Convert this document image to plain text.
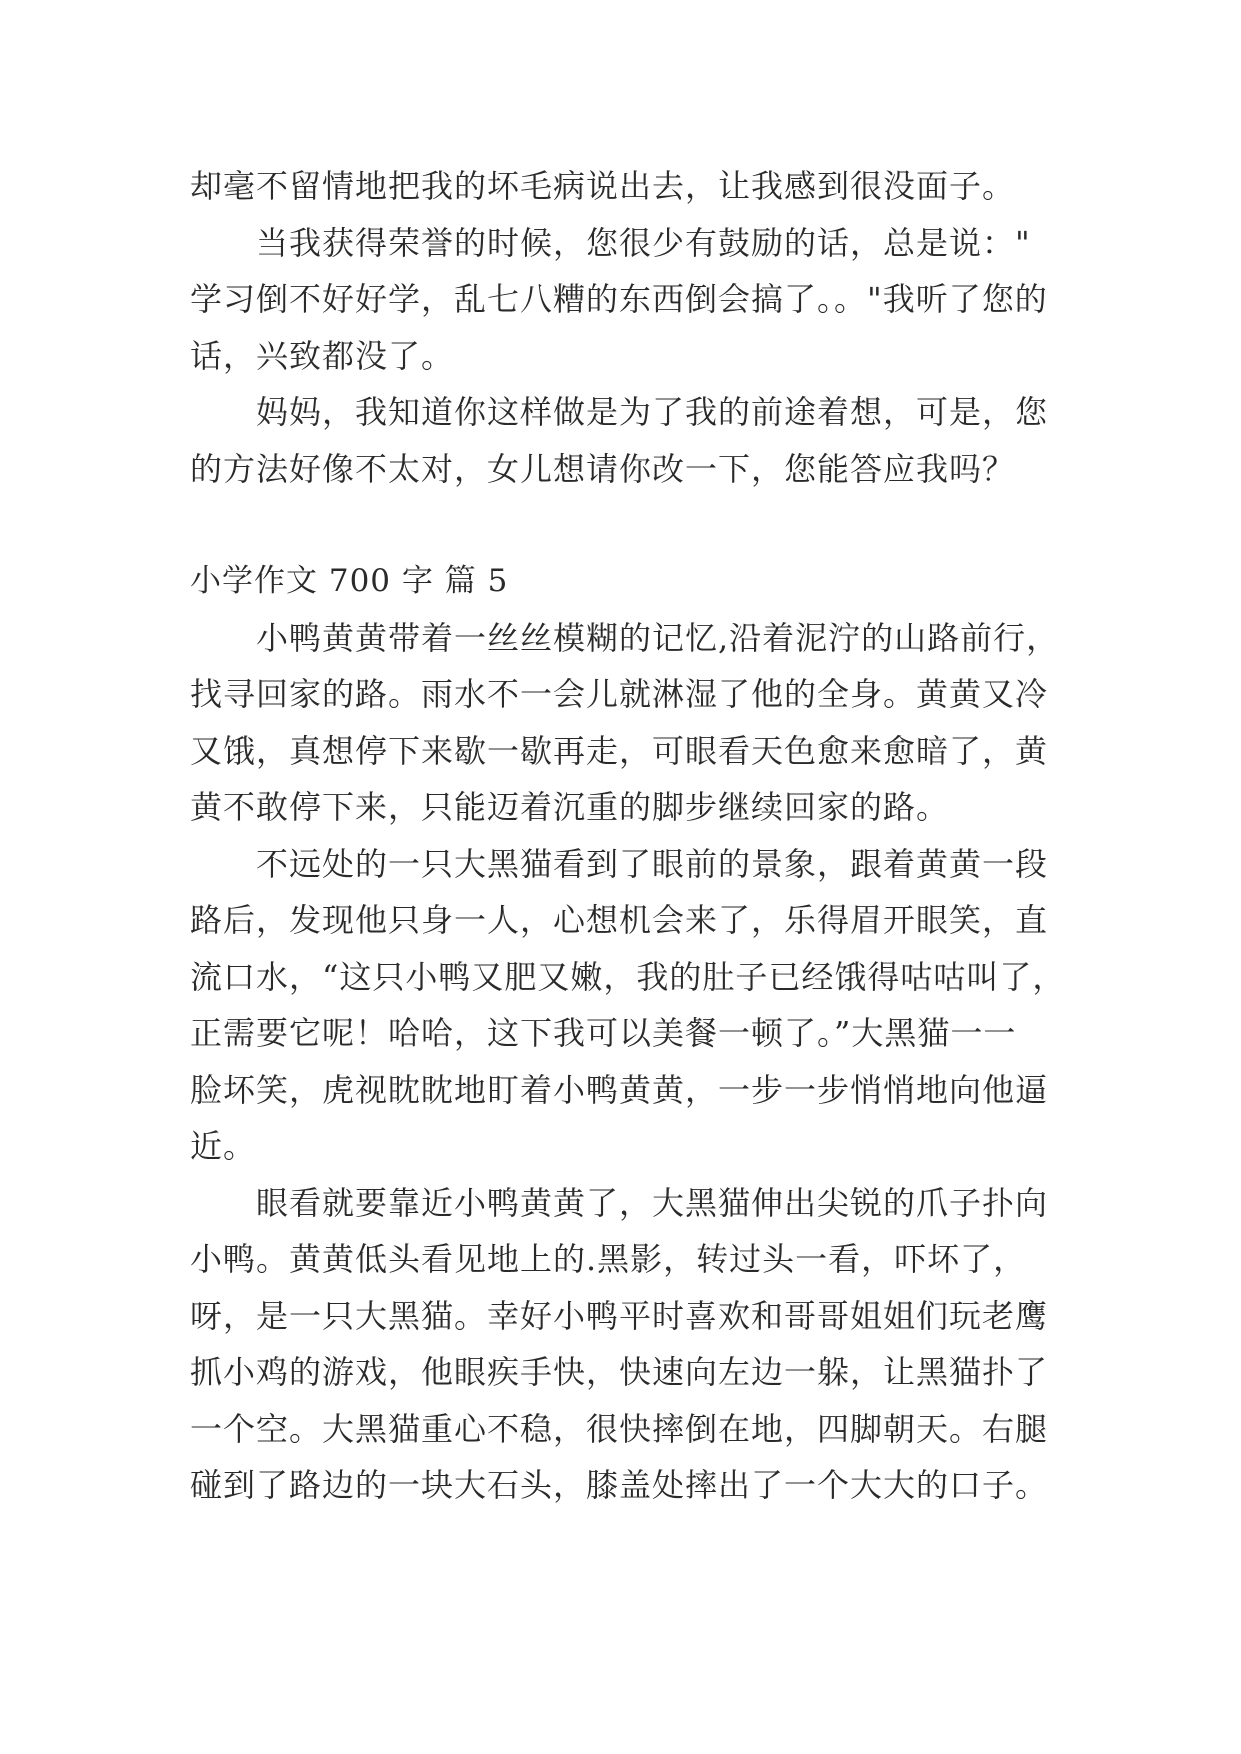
却毫不留情地把我的坏毛病说出去，让我感到很没面子。
　　当我获得荣誉的时候，您很少有鼓励的话，总是说："
学习倒不好好学，乱七八糟的东西倒会搞了。。"我听了您的
话，兴致都没了。
　　妈妈，我知道你这样做是为了我的前途着想，可是，您
的方法好像不太对，女儿想请你改一下，您能答应我吗？
小学作文 700 字 篇 5
　　小鸭黄黄带着一丝丝模糊的记忆,沿着泥泞的山路前行，
找寻回家的路。雨水不一会儿就淋湿了他的全身。黄黄又冷
又饿，真想停下来歇一歇再走，可眼看天色愈来愈暗了，黄
黄不敢停下来，只能迈着沉重的脚步继续回家的路。
　　不远处的一只大黑猫看到了眼前的景象，跟着黄黄一段
路后，发现他只身一人，心想机会来了，乐得眉开眼笑，直
流口水，“这只小鸭又肥又嫩，我的肚子已经饿得咕咕叫了，
正需要它呢！哈哈，这下我可以美餐一顿了。”大黑猫一一
脸坏笑，虎视眈眈地盯着小鸭黄黄，一步一步悄悄地向他逼
近。
　　眼看就要靠近小鸭黄黄了，大黑猫伸出尖锐的爪子扑向
小鸭。黄黄低头看见地上的.黑影，转过头一看，吓坏了，
呀，是一只大黑猫。幸好小鸭平时喜欢和哥哥姐姐们玩老鹰
抓小鸡的游戏，他眼疾手快，快速向左边一躲，让黑猫扑了
一个空。大黑猫重心不稳，很快摔倒在地，四脚朝天。右腿
碰到了路边的一块大石头，膝盖处摔出了一个大大的口子。
